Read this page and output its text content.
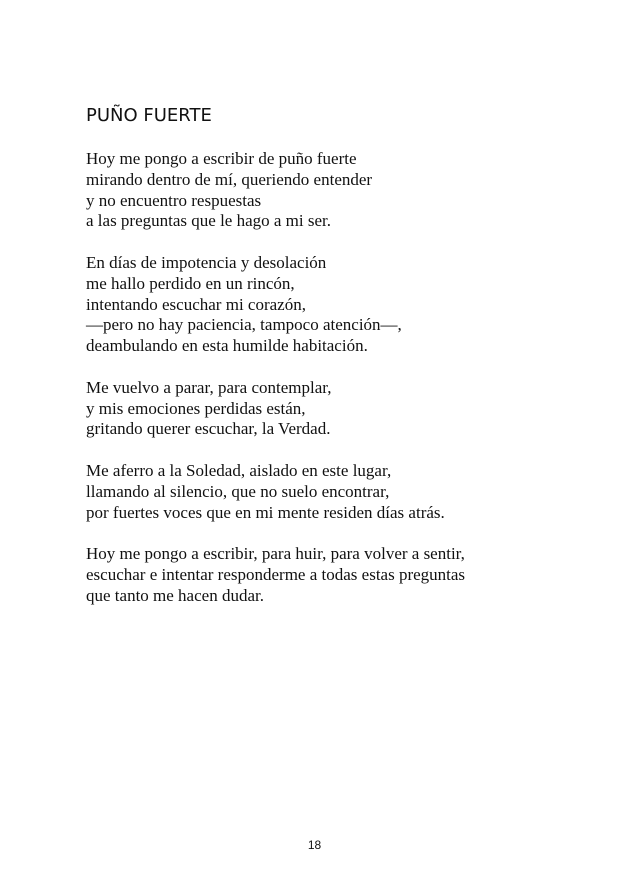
PUÑO FUERTE
Hoy me pongo a escribir de puño fuerte
mirando dentro de mí, queriendo entender
y no encuentro respuestas
a las preguntas que le hago a mi ser.
En días de impotencia y desolación
me hallo perdido en un rincón,
intentando escuchar mi corazón,
—pero no hay paciencia, tampoco atención—,
deambulando en esta humilde habitación.
Me vuelvo a parar, para contemplar,
y mis emociones perdidas están,
gritando querer escuchar, la Verdad.
Me aferro a la Soledad, aislado en este lugar,
llamando al silencio, que no suelo encontrar,
por fuertes voces que en mi mente residen días atrás.
Hoy me pongo a escribir, para huir, para volver a sentir,
escuchar e intentar responderme a todas estas preguntas
que tanto me hacen dudar.
18
